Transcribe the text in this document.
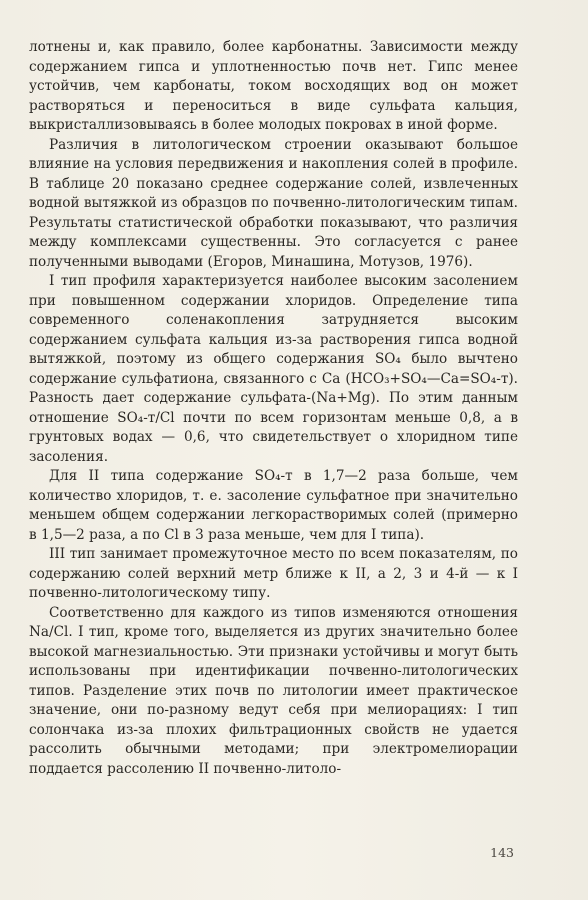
лотнены и, как правило, более карбонатны. Зависимости между содержанием гипса и уплотненностью почв нет. Гипс менее устойчив, чем карбонаты, током восходящих вод он может растворяться и переноситься в виде сульфата кальция, выкристаллизовываясь в более молодых покровах в иной форме.

Различия в литологическом строении оказывают большое влияние на условия передвижения и накопления солей в профиле. В таблице 20 показано среднее содержание солей, извлеченных водной вытяжкой из образцов по почвенно-литологическим типам. Результаты статистической обработки показывают, что различия между комплексами существенны. Это согласуется с ранее полученными выводами (Егоров, Минашина, Мотузов, 1976).

I тип профиля характеризуется наиболее высоким засолением при повышенном содержании хлоридов. Определение типа современного соленакопления затрудняется высоким содержанием сульфата кальция из-за растворения гипса водной вытяжкой, поэтому из общего содержания SO₄ было вычтено содержание сульфатиона, связанного с Ca (HCO₃+SO₄—Ca=SO₄-т). Разность дает содержание сульфата-(Na+Mg). По этим данным отношение SO₄-т/Cl почти по всем горизонтам меньше 0,8, а в грунтовых водах — 0,6, что свидетельствует о хлоридном типе засоления.

Для II типа содержание SO₄-т в 1,7—2 раза больше, чем количество хлоридов, т. е. засоление сульфатное при значительно меньшем общем содержании легкорастворимых солей (примерно в 1,5—2 раза, а по Cl в 3 раза меньше, чем для I типа).

III тип занимает промежуточное место по всем показателям, по содержанию солей верхний метр ближе к II, а 2, 3 и 4-й — к I почвенно-литологическому типу.

Соответственно для каждого из типов изменяются отношения Na/Cl. I тип, кроме того, выделяется из других значительно более высокой магнезиальностью. Эти признаки устойчивы и могут быть использованы при идентификации почвенно-литологических типов. Разделение этих почв по литологии имеет практическое значение, они по-разному ведут себя при мелиорациях: I тип солончака из-за плохих фильтрационных свойств не удается рассолить обычными методами; при электромелиорации поддается рассолению II почвенно-литоло-

143
